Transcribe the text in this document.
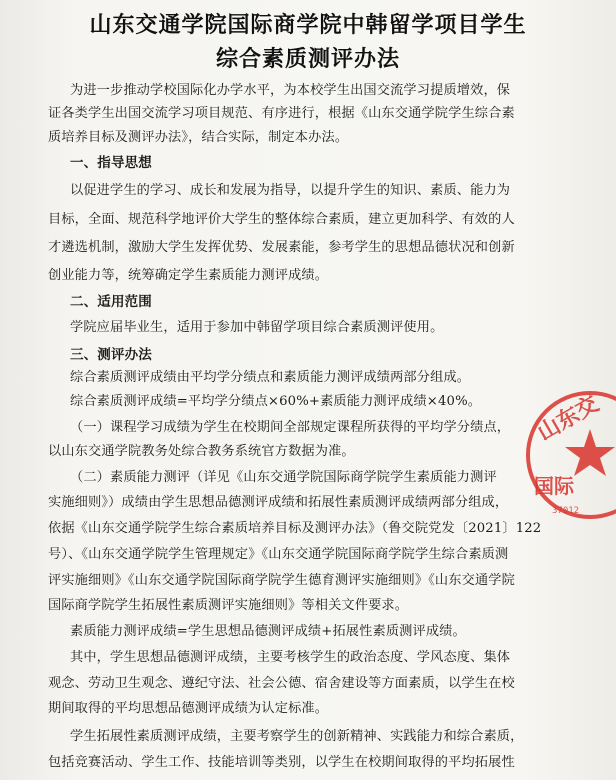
山东交通学院国际商学院中韩留学项目学生
综合素质测评办法
为进一步推动学校国际化办学水平，为本校学生出国交流学习提质增效，保
证各类学生出国交流学习项目规范、有序进行，根据《山东交通学院学生综合素
质培养目标及测评办法》，结合实际，制定本办法。
一、指导思想
以促进学生的学习、成长和发展为指导，以提升学生的知识、素质、能力为
目标，全面、规范科学地评价大学生的整体综合素质，建立更加科学、有效的人
才遴选机制，激励大学生发挥优势、发展素能，参考学生的思想品德状况和创新
创业能力等，统筹确定学生素质能力测评成绩。
二、适用范围
学院应届毕业生，适用于参加中韩留学项目综合素质测评使用。
三、测评办法
综合素质测评成绩由平均学分绩点和素质能力测评成绩两部分组成。
综合素质测评成绩=平均学分绩点×60%+素质能力测评成绩×40%。
（一）课程学习成绩为学生在校期间全部规定课程所获得的平均学分绩点，
以山东交通学院教务处综合教务系统官方数据为准。
（二）素质能力测评（详见《山东交通学院国际商学院学生素质能力测评
实施细则》）成绩由学生思想品德测评成绩和拓展性素质测评成绩两部分组成，
依据《山东交通学院学生综合素质培养目标及测评办法》（鲁交院党发〔2021〕122
号）、《山东交通学院学生管理规定》《山东交通学院国际商学院学生综合素质测
评实施细则》《山东交通学院国际商学院学生德育测评实施细则》《山东交通学院
国际商学院学生拓展性素质测评实施细则》等相关文件要求。
素质能力测评成绩=学生思想品德测评成绩+拓展性素质测评成绩。
其中，学生思想品德测评成绩，主要考核学生的政治态度、学风态度、集体
观念、劳动卫生观念、遵纪守法、社会公德、宿舍建设等方面素质，以学生在校
期间取得的平均思想品德测评成绩为认定标准。
学生拓展性素质测评成绩，主要考察学生的创新精神、实践能力和综合素质，
包括竞赛活动、学生工作、技能培训等类别，以学生在校期间取得的平均拓展性
山东交
国际
37012
